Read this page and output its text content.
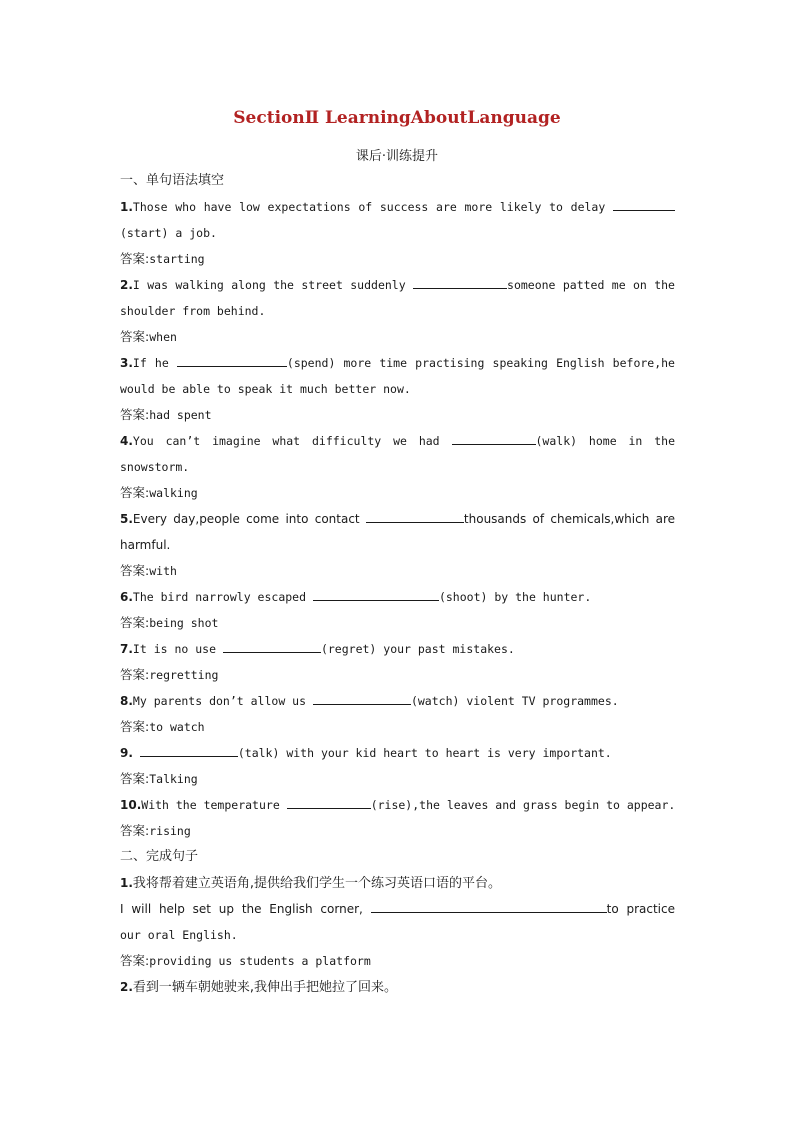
SectionⅡ LearningAboutLanguage
课后·训练提升
一、单句语法填空
1.Those who have low expectations of success are more likely to delay
(start) a job.
答案:starting
2.I was walking along the street suddenly	someone patted me on the
shoulder from behind.
答案:when
3.If he	(spend) more time practising speaking English before,he
would be able to speak it much better now.
答案:had spent
4.You can’t imagine what difficulty we had	(walk) home in the
snowstorm.
答案:walking
5.Every day,people come into contact	thousands of chemicals,which are
harmful.
答案:with
6.The bird narrowly escaped	(shoot) by the hunter.
答案:being shot
7.It is no use	(regret) your past mistakes.
答案:regretting
8.My parents don’t allow us	(watch) violent TV programmes.
答案:to watch
9.	(talk) with your kid heart to heart is very important.
答案:Talking
10.With the temperature	(rise),the leaves and grass begin to appear.
答案:rising
二、完成句子
1.我将帮着建立英语角,提供给我们学生一个练习英语口语的平台。
I will help set up the English corner,	to practice
our oral English.
答案:providing us students a platform
2.看到一辆车朝她驶来,我伸出手把她拉了回来。
